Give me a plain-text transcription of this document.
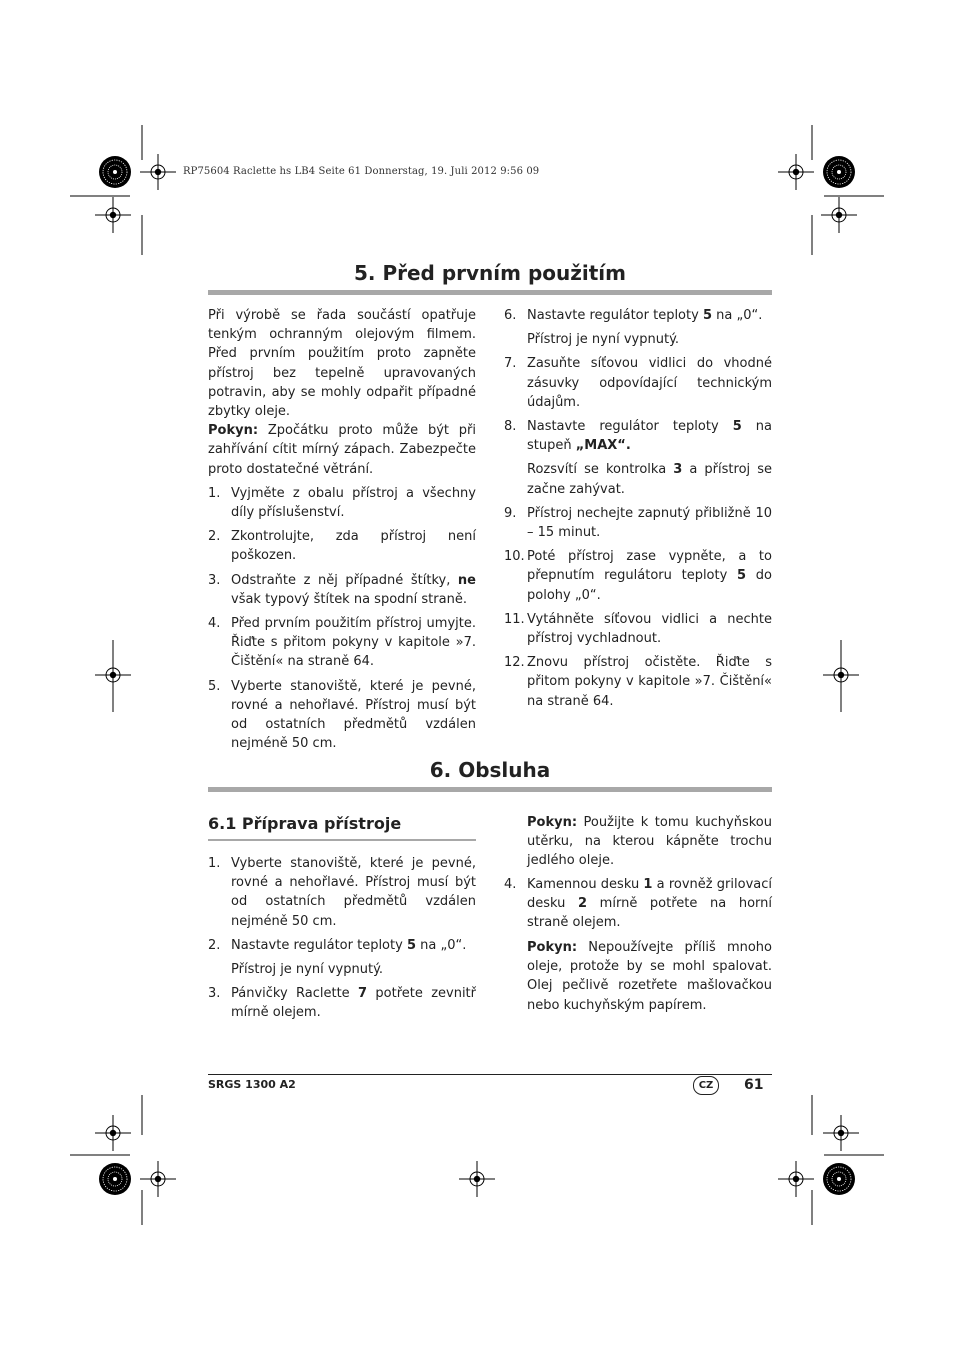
RP75604 Raclette hs LB4 Seite 61 Donnerstag, 19. Juli 2012 9:56 09
5. Před prvním použitím

Při výrobě se řada součástí opatřuje tenkým ochranným olejovým filmem. Před prvním použitím proto zapněte přístroj bez tepelně upravovaných potravin, aby se mohly odpařit případné zbytky oleje.

Pokyn: Zpočátku proto může být při zahřívání cítit mírný zápach. Zabezpečte proto dostatečné větrání.

1. Vyjměte z obalu přístroj a všechny díly příslušenství.
2. Zkontrolujte, zda přístroj není poškozen.
3. Odstraňte z něj případné štítky, ne však typový štítek na spodní straně.
4. Před prvním použitím přístroj umyjte. Řiďte s přitom pokyny v kapitole »7. Čištění« na straně 64.
5. Vyberte stanoviště, které je pevné, rovné a nehořlavé. Přístroj musí být od ostatních předmětů vzdálen nejméně 50 cm.
6. Nastavte regulátor teploty 5 na „0“.

Přístroj je nyní vypnutý.

7. Zasuňte síťovou vidlici do vhodné zásuvky odpovídající technickým údajům.
8. Nastavte regulátor teploty 5 na stupeň „MAX“.

Rozsvítí se kontrolka 3 a přístroj se začne zahývat.

9. Přístroj nechejte zapnutý přibližně 10 – 15 minut.
10. Poté přístroj zase vypněte, a to přepnutím regulátoru teploty 5 do polohy „0“.
11. Vytáhněte síťovou vidlici a nechte přístroj vychladnout.
12. Znovu přístroj očistěte. Řiďte s přitom pokyny v kapitole »7. Čištění« na straně 64.
6. Obsluha
6.1 Příprava přístroje
1. Vyberte stanoviště, které je pevné, rovné a nehořlavé. Přístroj musí být od ostatních předmětů vzdálen nejméně 50 cm.
2. Nastavte regulátor teploty 5 na „0“.

Přístroj je nyní vypnutý.

3. Pánvičky Raclette 7 potřete zevnitř mírně olejem.

Pokyn: Použijte k tomu kuchyňskou utěrku, na kterou kápněte trochu jedlého oleje.

4. Kamennou desku 1 a rovněž grilovací desku 2 mírně potřete na horní straně olejem.

Pokyn: Nepoužívejte příliš mnoho oleje, protože by se mohl spalovat. Olej pečlivě rozetřete mašlovačkou nebo kuchyňským papírem.

SRGS 1300 A2	CZ	61
